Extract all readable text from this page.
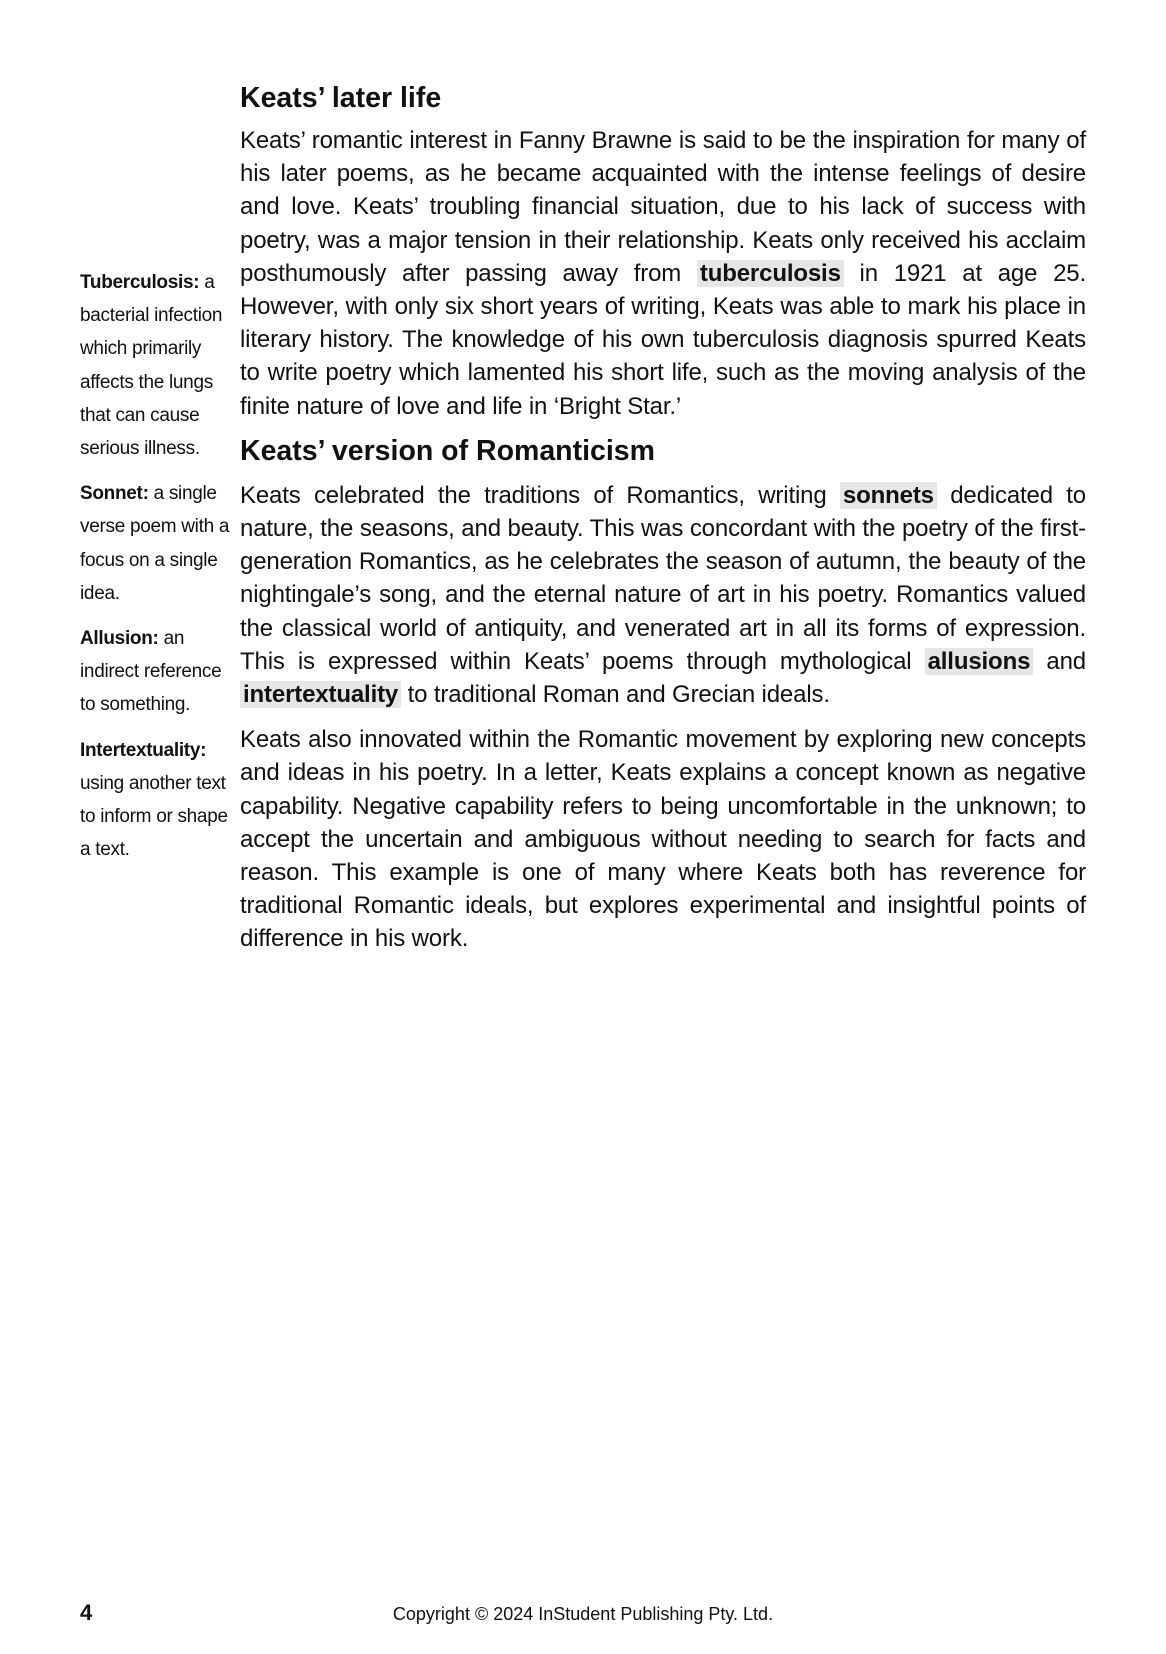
Tuberculosis: a bacterial infection which primarily affects the lungs that can cause serious illness.

Sonnet: a single verse poem with a focus on a single idea.

Allusion: an indirect reference to something.

Intertextuality: using another text to inform or shape a text.

Keats’ later life

Keats’ romantic interest in Fanny Brawne is said to be the inspiration for many of his later poems, as he became acquainted with the intense feelings of desire and love. Keats’ troubling financial situation, due to his lack of success with poetry, was a major tension in their relationship. Keats only received his acclaim posthumously after passing away from tuberculosis in 1921 at age 25. However, with only six short years of writing, Keats was able to mark his place in literary history. The knowledge of his own tuberculosis diagnosis spurred Keats to write poetry which lamented his short life, such as the moving analysis of the finite nature of love and life in ‘Bright Star.’

Keats’ version of Romanticism

Keats celebrated the traditions of Romantics, writing sonnets dedicated to nature, the seasons, and beauty. This was concordant with the poetry of the first-generation Romantics, as he celebrates the season of autumn, the beauty of the nightingale’s song, and the eternal nature of art in his poetry. Romantics valued the classical world of antiquity, and venerated art in all its forms of expression. This is expressed within Keats’ poems through mythological allusions and intertextuality to traditional Roman and Grecian ideals.

Keats also innovated within the Romantic movement by exploring new concepts and ideas in his poetry. In a letter, Keats explains a concept known as negative capability. Negative capability refers to being uncomfortable in the unknown; to accept the uncertain and ambiguous without needing to search for facts and reason. This example is one of many where Keats both has reverence for traditional Romantic ideals, but explores experimental and insightful points of difference in his work.

4	Copyright © 2024 InStudent Publishing Pty. Ltd.
